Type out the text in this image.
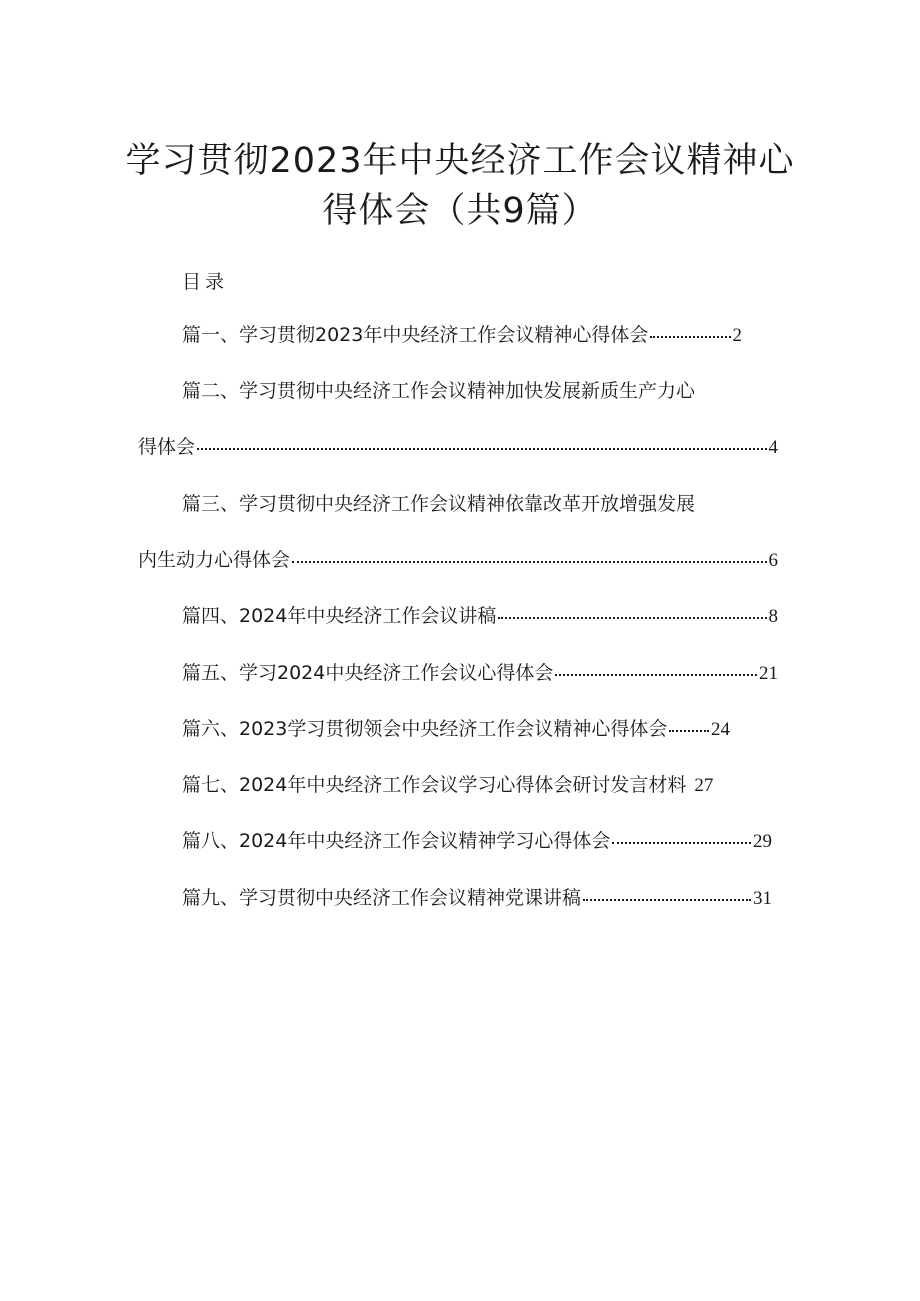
学习贯彻2023年中央经济工作会议精神心
得体会（共9篇）
目录
篇一、学习贯彻2023年中央经济工作会议精神心得体会	2
篇二、学习贯彻中央经济工作会议精神加快发展新质生产力心
得体会	4
篇三、学习贯彻中央经济工作会议精神依靠改革开放增强发展
内生动力心得体会	6
篇四、2024年中央经济工作会议讲稿	8
篇五、学习2024中央经济工作会议心得体会	21
篇六、2023学习贯彻领会中央经济工作会议精神心得体会 24
篇七、2024年中央经济工作会议学习心得体会研讨发言材料 27
篇八、2024年中央经济工作会议精神学习心得体会	29
篇九、学习贯彻中央经济工作会议精神党课讲稿	31
